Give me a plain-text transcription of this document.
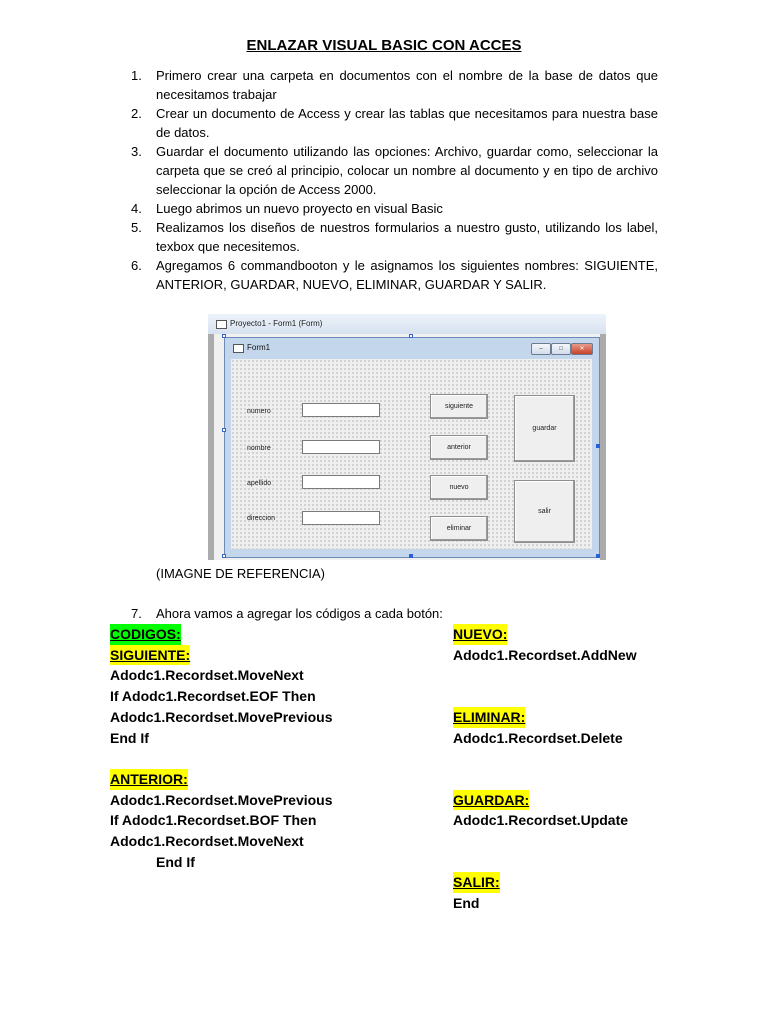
ENLAZAR VISUAL BASIC CON ACCES
1. Primero crear una carpeta en documentos con el nombre de la base de datos que necesitamos trabajar
2. Crear un documento de Access y crear las tablas que necesitamos para nuestra base de datos.
3. Guardar el documento utilizando las opciones: Archivo, guardar como, seleccionar la carpeta que se creó al principio, colocar un nombre al documento y en tipo de archivo seleccionar la opción de Access 2000.
4. Luego abrimos un nuevo proyecto en visual Basic
5. Realizamos los diseños de nuestros formularios a nuestro gusto, utilizando los label, texbox que necesitemos.
6. Agregamos 6 commandbooton y le asignamos los siguientes nombres: SIGUIENTE, ANTERIOR, GUARDAR, NUEVO, ELIMINAR, GUARDAR Y SALIR.
Proyecto1 - Form1 (Form)
Form1	–	□	✕
numero
nombre
apellido
direccion
siguiente
anterior
nuevo
eliminar
guardar
salir
(IMAGNE DE REFERENCIA)
7. Ahora vamos a agregar los códigos a cada botón:
CODIGOS:
SIGUIENTE:
Adodc1.Recordset.MoveNext
If Adodc1.Recordset.EOF Then
Adodc1.Recordset.MovePrevious
End If

ANTERIOR:
Adodc1.Recordset.MovePrevious
If Adodc1.Recordset.BOF Then
Adodc1.Recordset.MoveNext
End If
NUEVO:
Adodc1.Recordset.AddNew

ELIMINAR:
Adodc1.Recordset.Delete

GUARDAR:
Adodc1.Recordset.Update

SALIR:
End
